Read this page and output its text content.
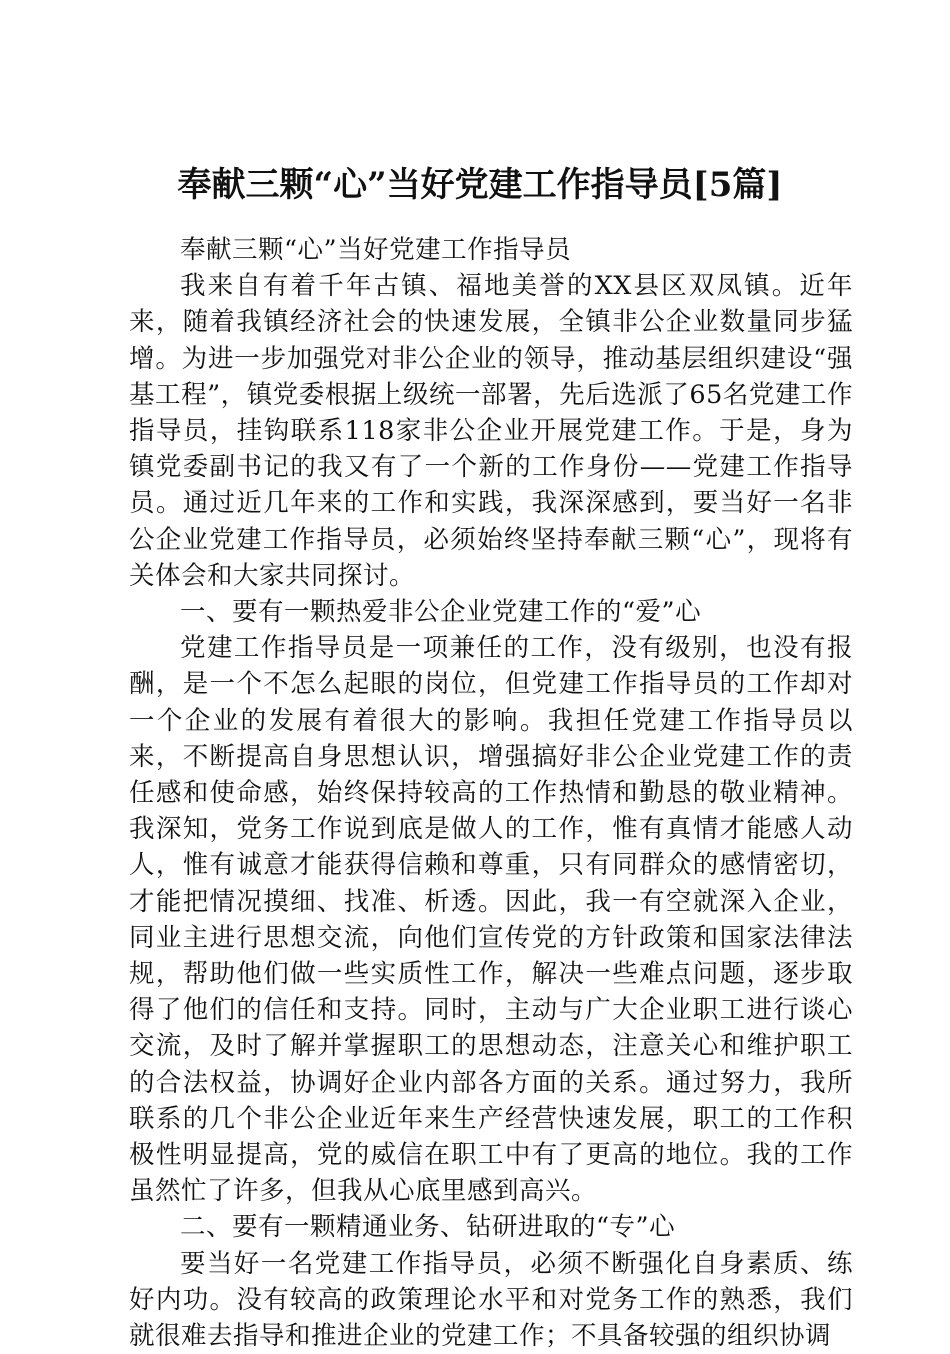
奉献三颗“心”当好党建工作指导员[5篇]

奉献三颗“心”当好党建工作指导员

我来自有着千年古镇、福地美誉的XX县区双凤镇。近年来，随着我镇经济社会的快速发展，全镇非公企业数量同步猛增。为进一步加强党对非公企业的领导，推动基层组织建设“强基工程”，镇党委根据上级统一部署，先后选派了65名党建工作指导员，挂钩联系118家非公企业开展党建工作。于是，身为镇党委副书记的我又有了一个新的工作身份——党建工作指导员。通过近几年来的工作和实践，我深深感到，要当好一名非公企业党建工作指导员，必须始终坚持奉献三颗“心”，现将有关体会和大家共同探讨。

一、要有一颗热爱非公企业党建工作的“爱”心

党建工作指导员是一项兼任的工作，没有级别，也没有报酬，是一个不怎么起眼的岗位，但党建工作指导员的工作却对一个企业的发展有着很大的影响。我担任党建工作指导员以来，不断提高自身思想认识，增强搞好非公企业党建工作的责任感和使命感，始终保持较高的工作热情和勤恳的敬业精神。我深知，党务工作说到底是做人的工作，惟有真情才能感人动人，惟有诚意才能获得信赖和尊重，只有同群众的感情密切，才能把情况摸细、找准、析透。因此，我一有空就深入企业，同业主进行思想交流，向他们宣传党的方针政策和国家法律法规，帮助他们做一些实质性工作，解决一些难点问题，逐步取得了他们的信任和支持。同时，主动与广大企业职工进行谈心交流，及时了解并掌握职工的思想动态，注意关心和维护职工的合法权益，协调好企业内部各方面的关系。通过努力，我所联系的几个非公企业近年来生产经营快速发展，职工的工作积极性明显提高，党的威信在职工中有了更高的地位。我的工作虽然忙了许多，但我从心底里感到高兴。

二、要有一颗精通业务、钻研进取的“专”心

要当好一名党建工作指导员，必须不断强化自身素质、练好内功。没有较高的政策理论水平和对党务工作的熟悉，我们就很难去指导和推进企业的党建工作；不具备较强的组织协调
